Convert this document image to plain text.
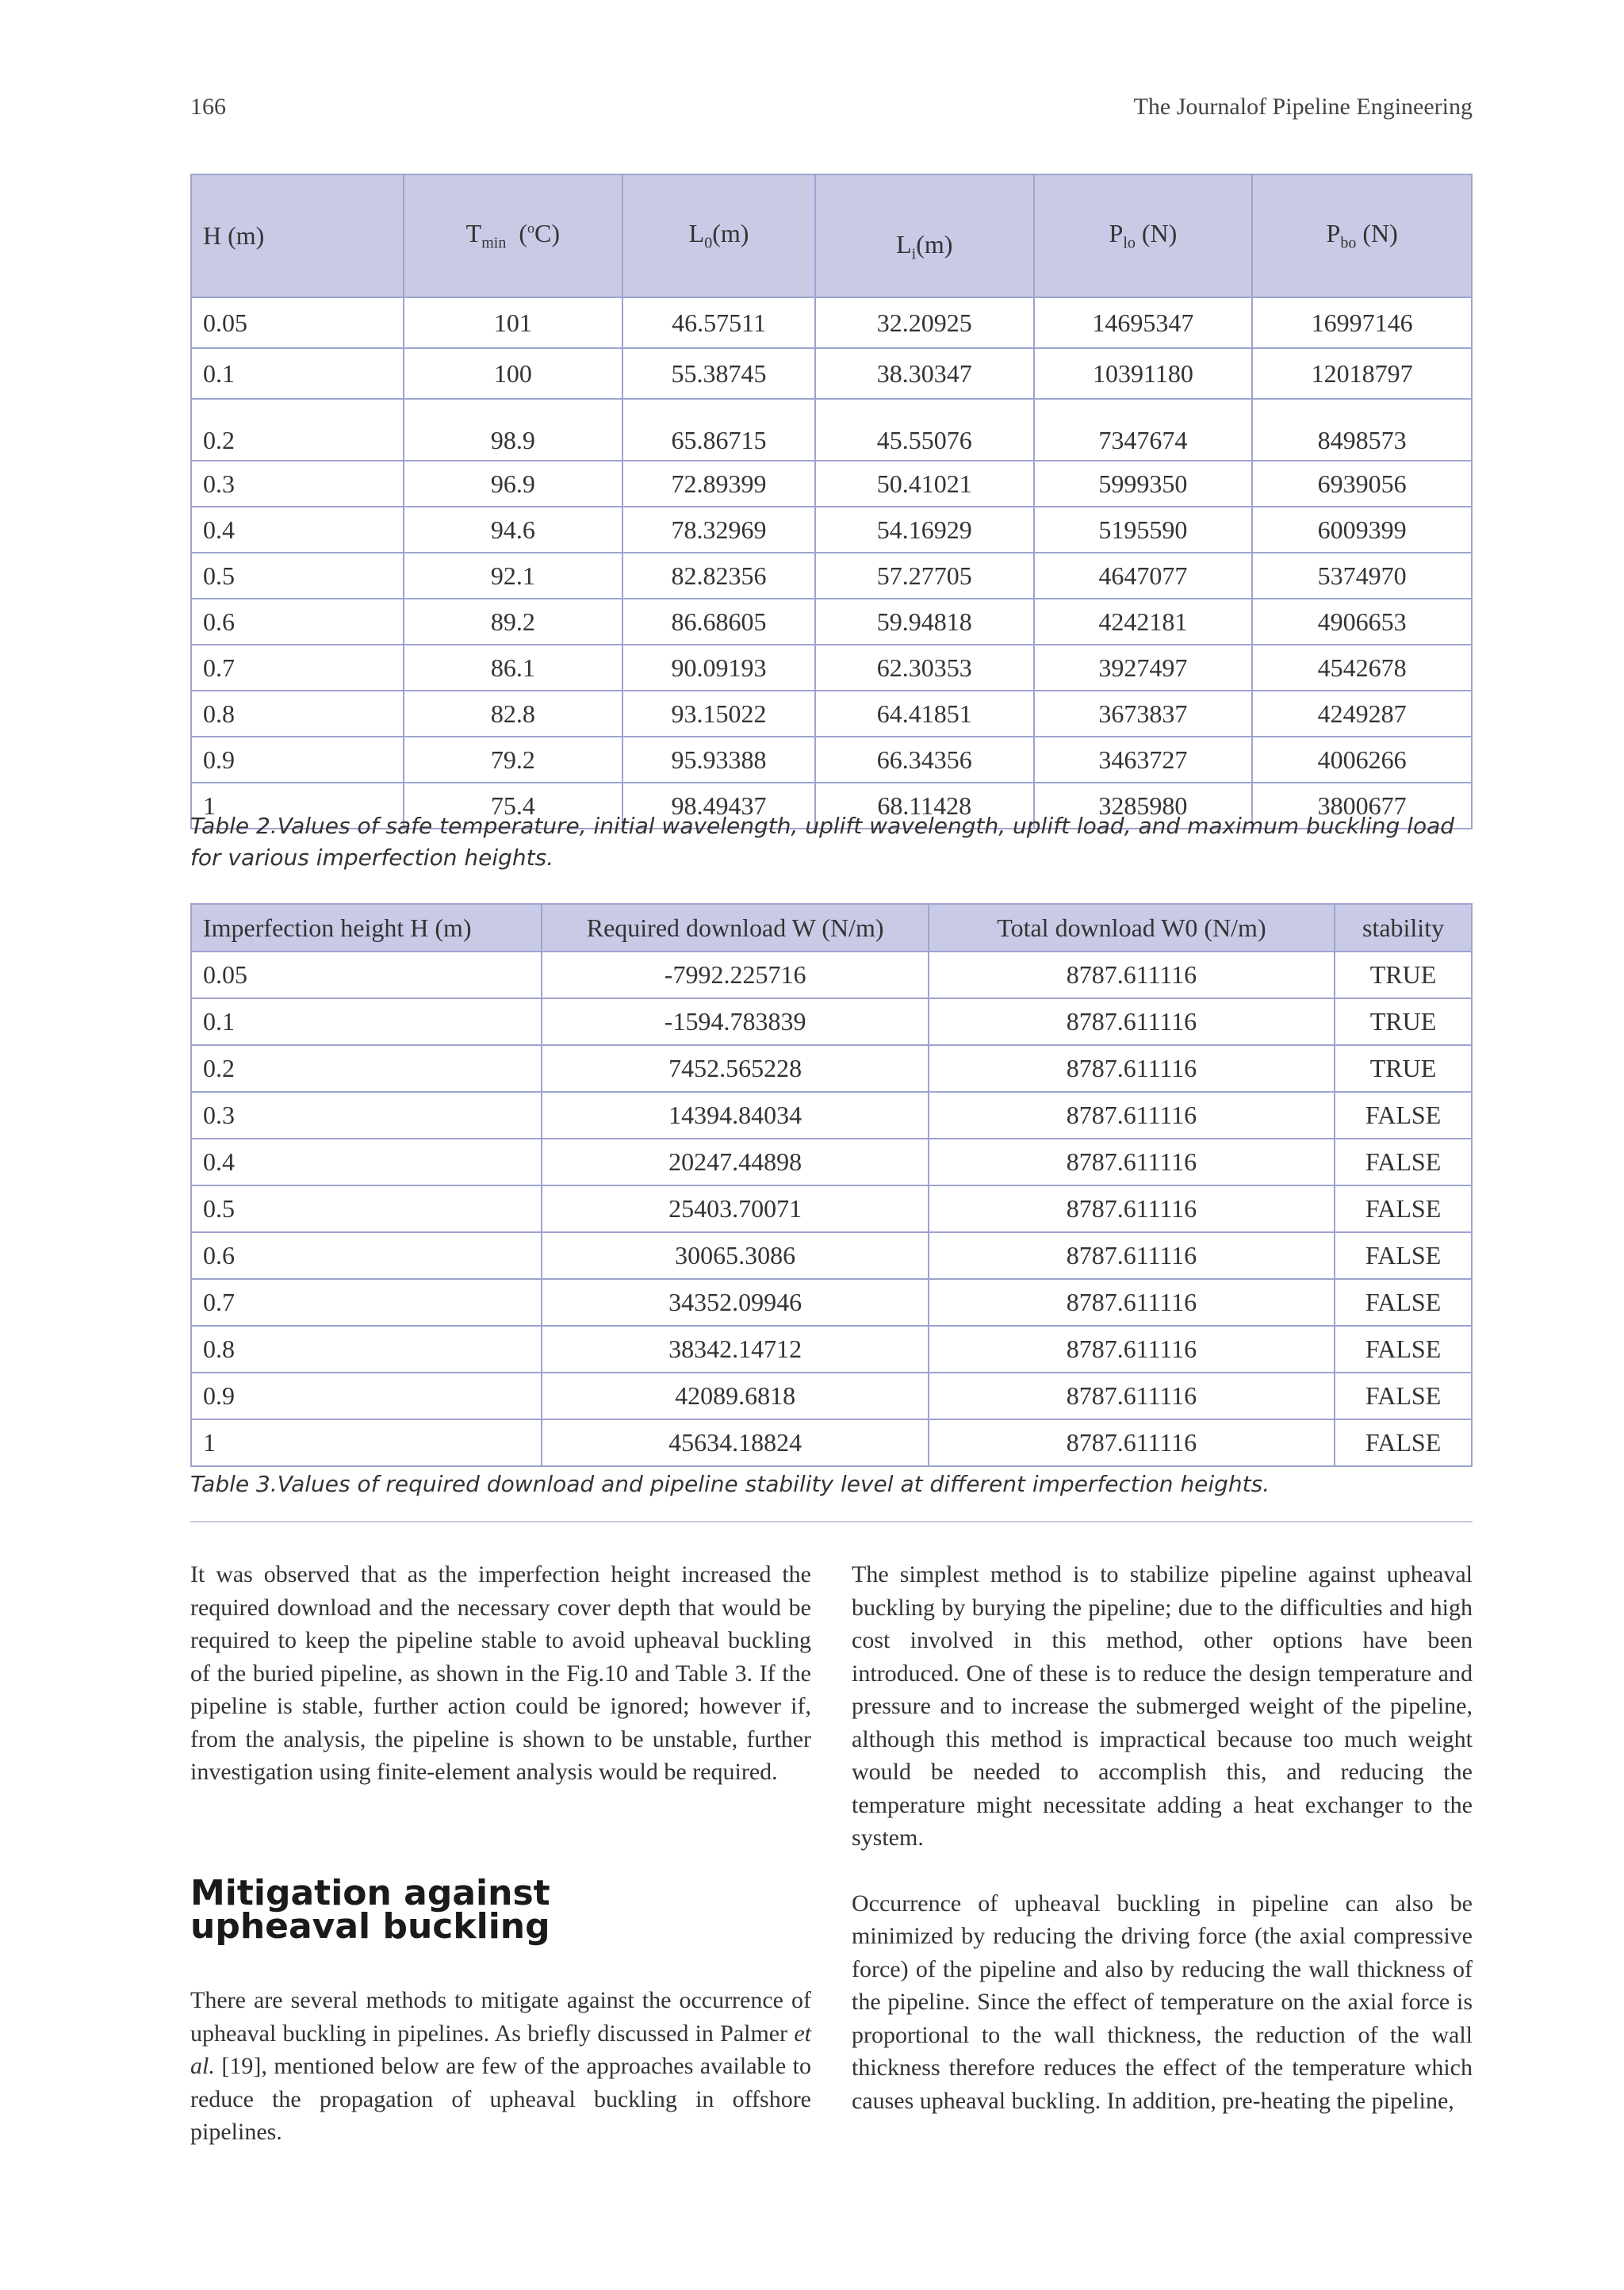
166	The Journalof Pipeline Engineering
H (m)	$T_{min}$ ($^o$C)	$L_0(m)$	$L_i(m)$	$P_{lo}$ (N)	$P_{bo}$ (N)
0.05	101	46.57511	32.20925	14695347	16997146
0.1	100	55.38745	38.30347	10391180	12018797
0.2	98.9	65.86715	45.55076	7347674	8498573
0.3	96.9	72.89399	50.41021	5999350	6939056
0.4	94.6	78.32969	54.16929	5195590	6009399
0.5	92.1	82.82356	57.27705	4647077	5374970
0.6	89.2	86.68605	59.94818	4242181	4906653
0.7	86.1	90.09193	62.30353	3927497	4542678
0.8	82.8	93.15022	64.41851	3673837	4249287
0.9	79.2	95.93388	66.34356	3463727	4006266
1	75.4	98.49437	68.11428	3285980	3800677
Table 2.Values of safe temperature, initial wavelength, uplift wavelength, uplift load, and maximum buckling load for various imperfection heights.
Imperfection height H (m)	Required download W (N/m)	Total download W0 (N/m)	stability
0.05	-7992.225716	8787.611116	TRUE
0.1	-1594.783839	8787.611116	TRUE
0.2	7452.565228	8787.611116	TRUE
0.3	14394.84034	8787.611116	FALSE
0.4	20247.44898	8787.611116	FALSE
0.5	25403.70071	8787.611116	FALSE
0.6	30065.3086	8787.611116	FALSE
0.7	34352.09946	8787.611116	FALSE
0.8	38342.14712	8787.611116	FALSE
0.9	42089.6818	8787.611116	FALSE
1	45634.18824	8787.611116	FALSE
Table 3.Values of required download and pipeline stability level at different imperfection heights.

It was observed that as the imperfection height increased the required download and the necessary cover depth that would be required to keep the pipeline stable to avoid upheaval buckling of the buried pipeline, as shown in the Fig.10 and Table 3. If the pipeline is stable, further action could be ignored; however if, from the analysis, the pipeline is shown to be unstable, further investigation using finite-element analysis would be required.

Mitigation against
upheaval buckling

There are several methods to mitigate against the occurrence of upheaval buckling in pipelines. As briefly discussed in Palmer et al. [19], mentioned below are few of the approaches available to reduce the propagation of upheaval buckling in offshore pipelines.

The simplest method is to stabilize pipeline against upheaval buckling by burying the pipeline; due to the difficulties and high cost involved in this method, other options have been introduced. One of these is to reduce the design temperature and pressure and to increase the submerged weight of the pipeline, although this method is impractical because too much weight would be needed to accomplish this, and reducing the temperature might necessitate adding a heat exchanger to the system.

Occurrence of upheaval buckling in pipeline can also be minimized by reducing the driving force (the axial compressive force) of the pipeline and also by reducing the wall thickness of the pipeline. Since the effect of temperature on the axial force is proportional to the wall thickness, the reduction of the wall thickness therefore reduces the effect of the temperature which causes upheaval buckling. In addition, pre-heating the pipeline,
